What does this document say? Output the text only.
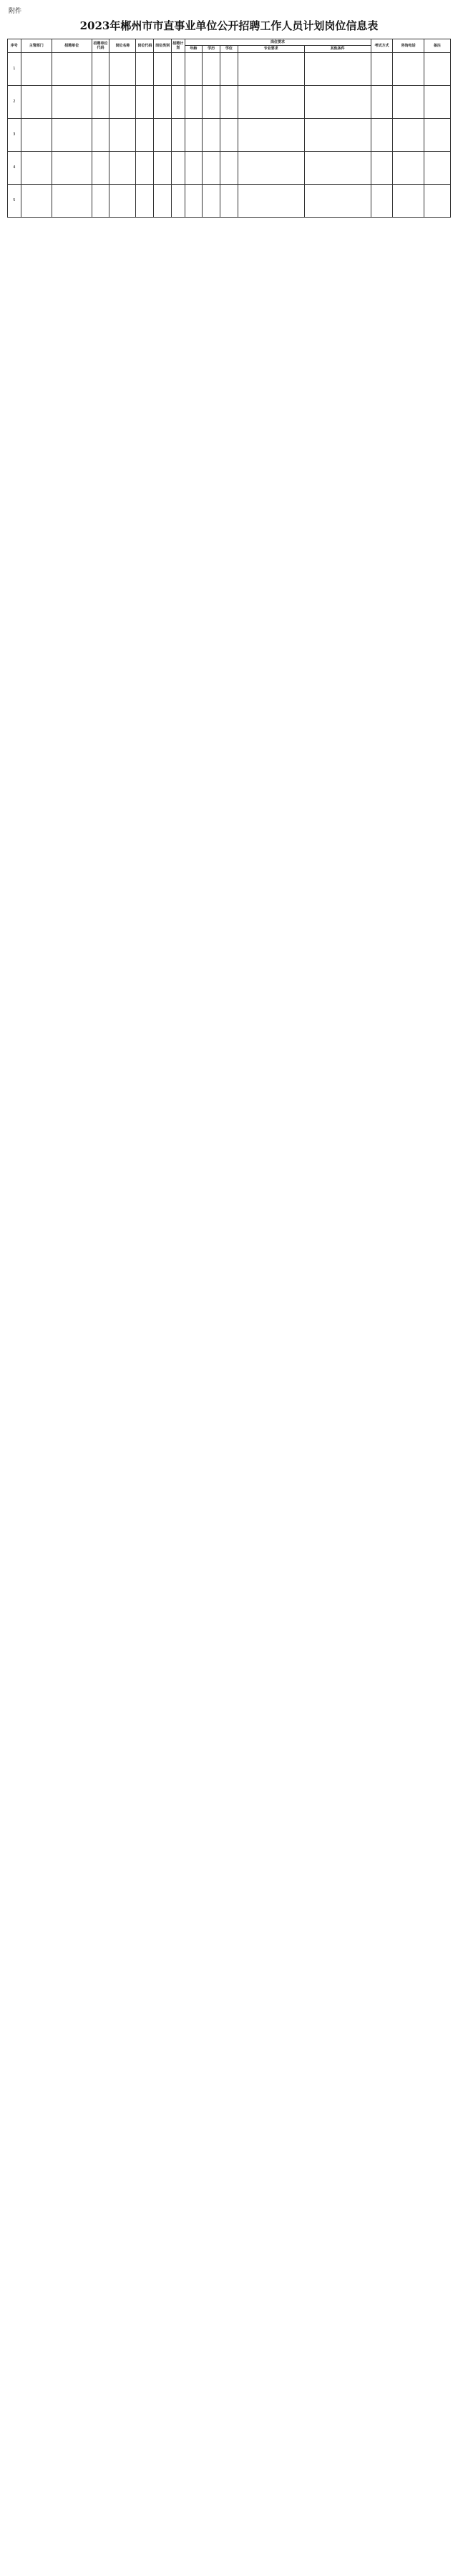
附件
2023年郴州市市直事业单位公开招聘工作人员计划岗位信息表
序号	主管部门	招聘单位	招聘单位代码	岗位名称	岗位代码	岗位类别	招聘计划	岗位要求					考试方式	咨询电话	备注
								年龄	学历	学位	专业要求	其他条件			
1															
2															
3															
4															
5															
